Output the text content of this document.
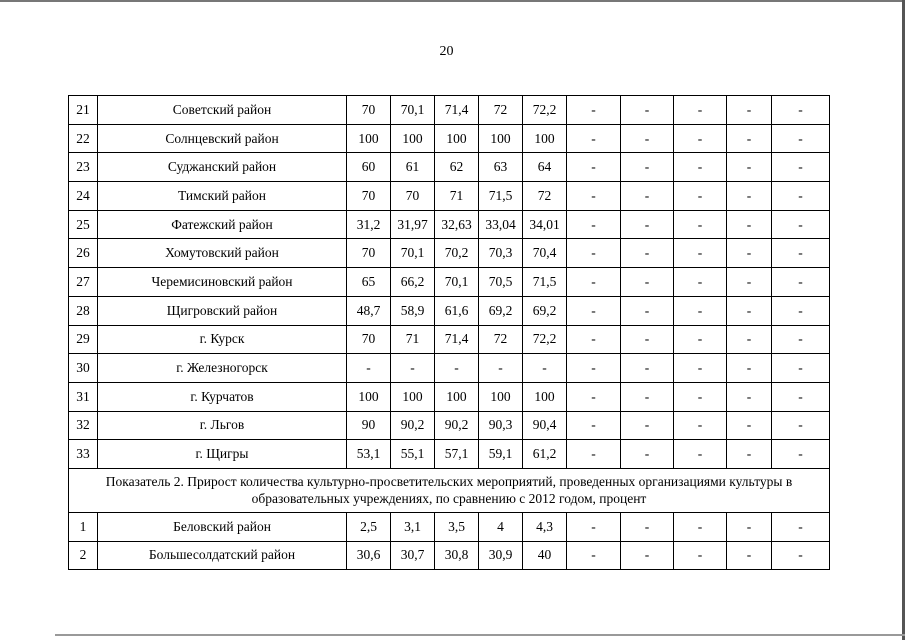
20
21	Советский район	70	70,1	71,4	72	72,2	-	-	-	-	-
22	Солнцевский район	100	100	100	100	100	-	-	-	-	-
23	Суджанский район	60	61	62	63	64	-	-	-	-	-
24	Тимский район	70	70	71	71,5	72	-	-	-	-	-
25	Фатежский район	31,2	31,97	32,63	33,04	34,01	-	-	-	-	-
26	Хомутовский район	70	70,1	70,2	70,3	70,4	-	-	-	-	-
27	Черемисиновский район	65	66,2	70,1	70,5	71,5	-	-	-	-	-
28	Щигровский район	48,7	58,9	61,6	69,2	69,2	-	-	-	-	-
29	г. Курск	70	71	71,4	72	72,2	-	-	-	-	-
30	г. Железногорск	-	-	-	-	-	-	-	-	-	-
31	г. Курчатов	100	100	100	100	100	-	-	-	-	-
32	г. Льгов	90	90,2	90,2	90,3	90,4	-	-	-	-	-
33	г. Щигры	53,1	55,1	57,1	59,1	61,2	-	-	-	-	-
Показатель 2. Прирост количества культурно-просветительских мероприятий, проведенных организациями культуры в образовательных учреждениях, по сравнению с 2012 годом, процент											
1	Беловский район	2,5	3,1	3,5	4	4,3	-	-	-	-	-
2	Большесолдатский район	30,6	30,7	30,8	30,9	40	-	-	-	-	-
